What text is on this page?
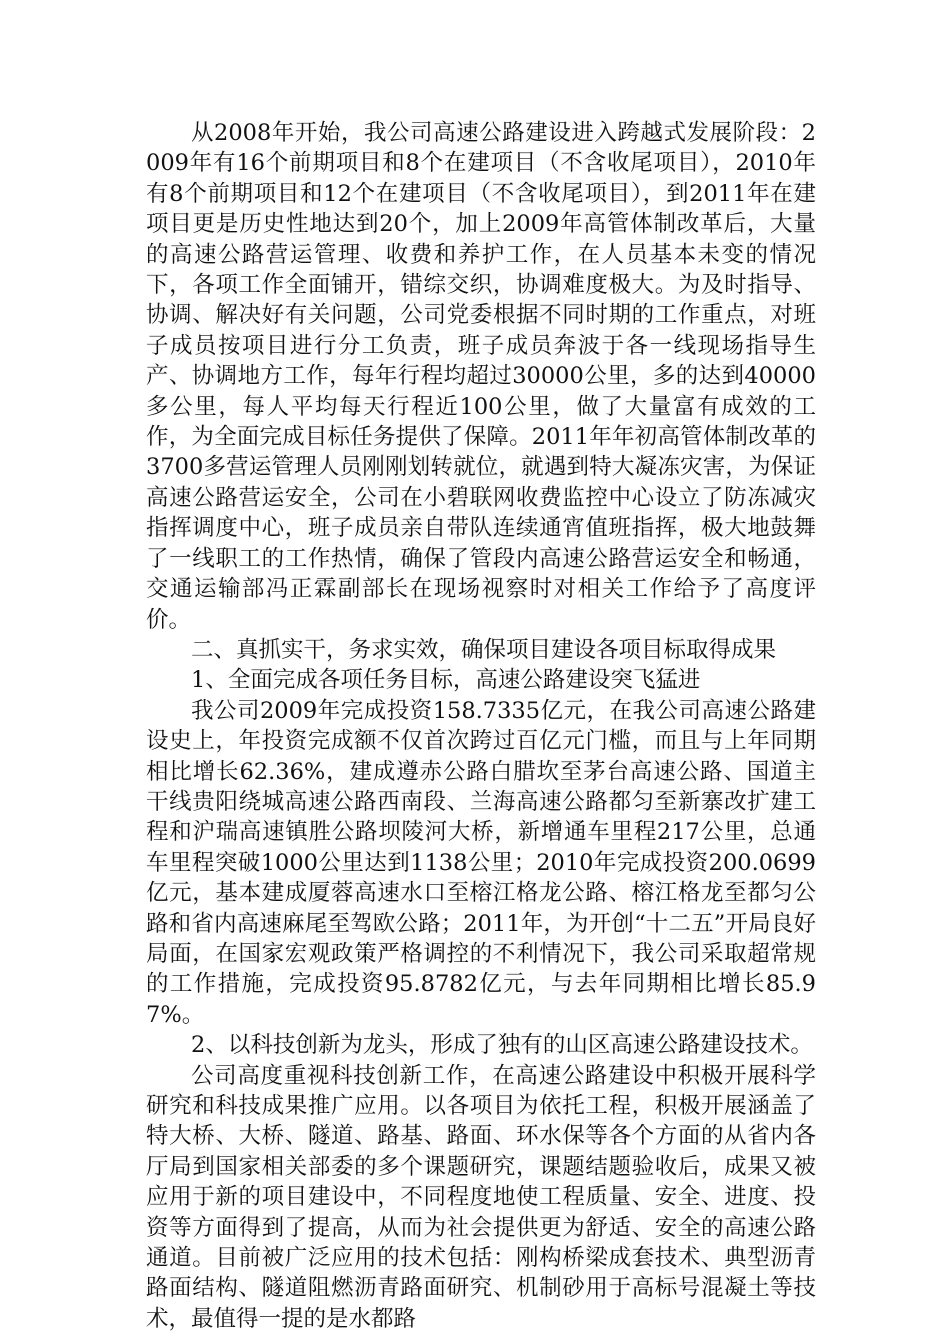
从2008年开始，我公司高速公路建设进入跨越式发展阶段：2009年有16个前期项目和8个在建项目（不含收尾项目），2010年有8个前期项目和12个在建项目（不含收尾项目），到2011年在建项目更是历史性地达到20个，加上2009年高管体制改革后，大量的高速公路营运管理、收费和养护工作，在人员基本未变的情况下，各项工作全面铺开，错综交织，协调难度极大。为及时指导、协调、解决好有关问题，公司党委根据不同时期的工作重点，对班子成员按项目进行分工负责，班子成员奔波于各一线现场指导生产、协调地方工作，每年行程均超过30000公里，多的达到40000多公里，每人平均每天行程近100公里，做了大量富有成效的工作，为全面完成目标任务提供了保障。2011年年初高管体制改革的3700多营运管理人员刚刚划转就位，就遇到特大凝冻灾害，为保证高速公路营运安全，公司在小碧联网收费监控中心设立了防冻减灾指挥调度中心，班子成员亲自带队连续通宵值班指挥，极大地鼓舞了一线职工的工作热情，确保了管段内高速公路营运安全和畅通，交通运输部冯正霖副部长在现场视察时对相关工作给予了高度评价。

二、真抓实干，务求实效，确保项目建设各项目标取得成果

1、全面完成各项任务目标，高速公路建设突飞猛进

我公司2009年完成投资158.7335亿元，在我公司高速公路建设史上，年投资完成额不仅首次跨过百亿元门槛，而且与上年同期相比增长62.36%，建成遵赤公路白腊坎至茅台高速公路、国道主干线贵阳绕城高速公路西南段、兰海高速公路都匀至新寨改扩建工程和沪瑞高速镇胜公路坝陵河大桥，新增通车里程217公里，总通车里程突破1000公里达到1138公里；2010年完成投资200.0699亿元，基本建成厦蓉高速水口至榕江格龙公路、榕江格龙至都匀公路和省内高速麻尾至驾欧公路；2011年，为开创“十二五”开局良好局面，在国家宏观政策严格调控的不利情况下，我公司采取超常规的工作措施，完成投资95.8782亿元，与去年同期相比增长85.97%。

2、以科技创新为龙头，形成了独有的山区高速公路建设技术。

公司高度重视科技创新工作，在高速公路建设中积极开展科学研究和科技成果推广应用。以各项目为依托工程，积极开展涵盖了特大桥、大桥、隧道、路基、路面、环水保等各个方面的从省内各厅局到国家相关部委的多个课题研究，课题结题验收后，成果又被应用于新的项目建设中，不同程度地使工程质量、安全、进度、投资等方面得到了提高，从而为社会提供更为舒适、安全的高速公路通道。目前被广泛应用的技术包括：刚构桥梁成套技术、典型沥青路面结构、隧道阻燃沥青路面研究、机制砂用于高标号混凝土等技术，最值得一提的是水都路
